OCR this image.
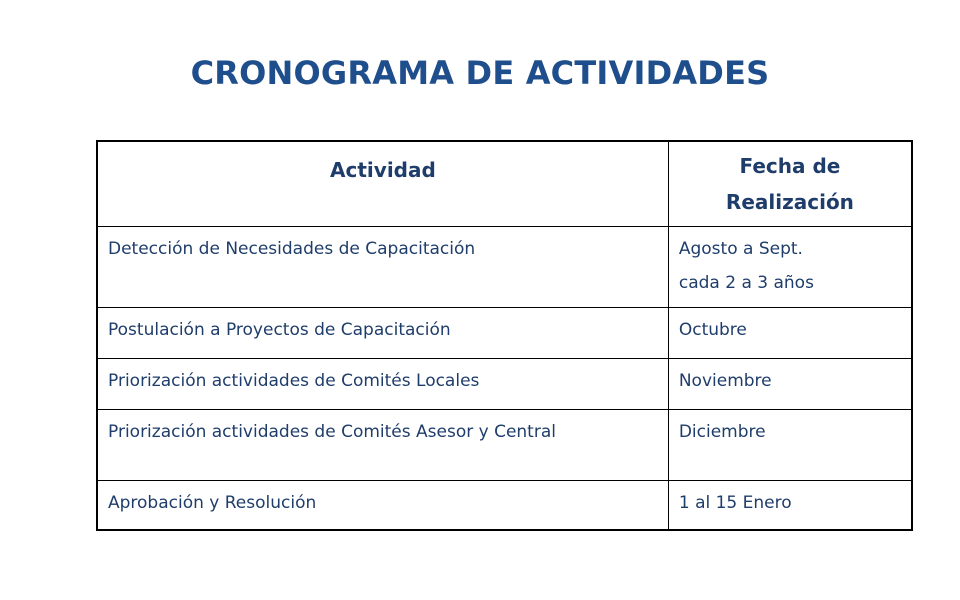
CRONOGRAMA DE ACTIVIDADES
Actividad	Fecha de
Realización

Detección de Necesidades de Capacitación	Agosto a Sept.
cada 2 a 3 años

Postulación a Proyectos de Capacitación	Octubre
Priorización actividades de Comités Locales	Noviembre
Priorización actividades de Comités Asesor y Central	Diciembre
Aprobación y Resolución	1 al 15 Enero
